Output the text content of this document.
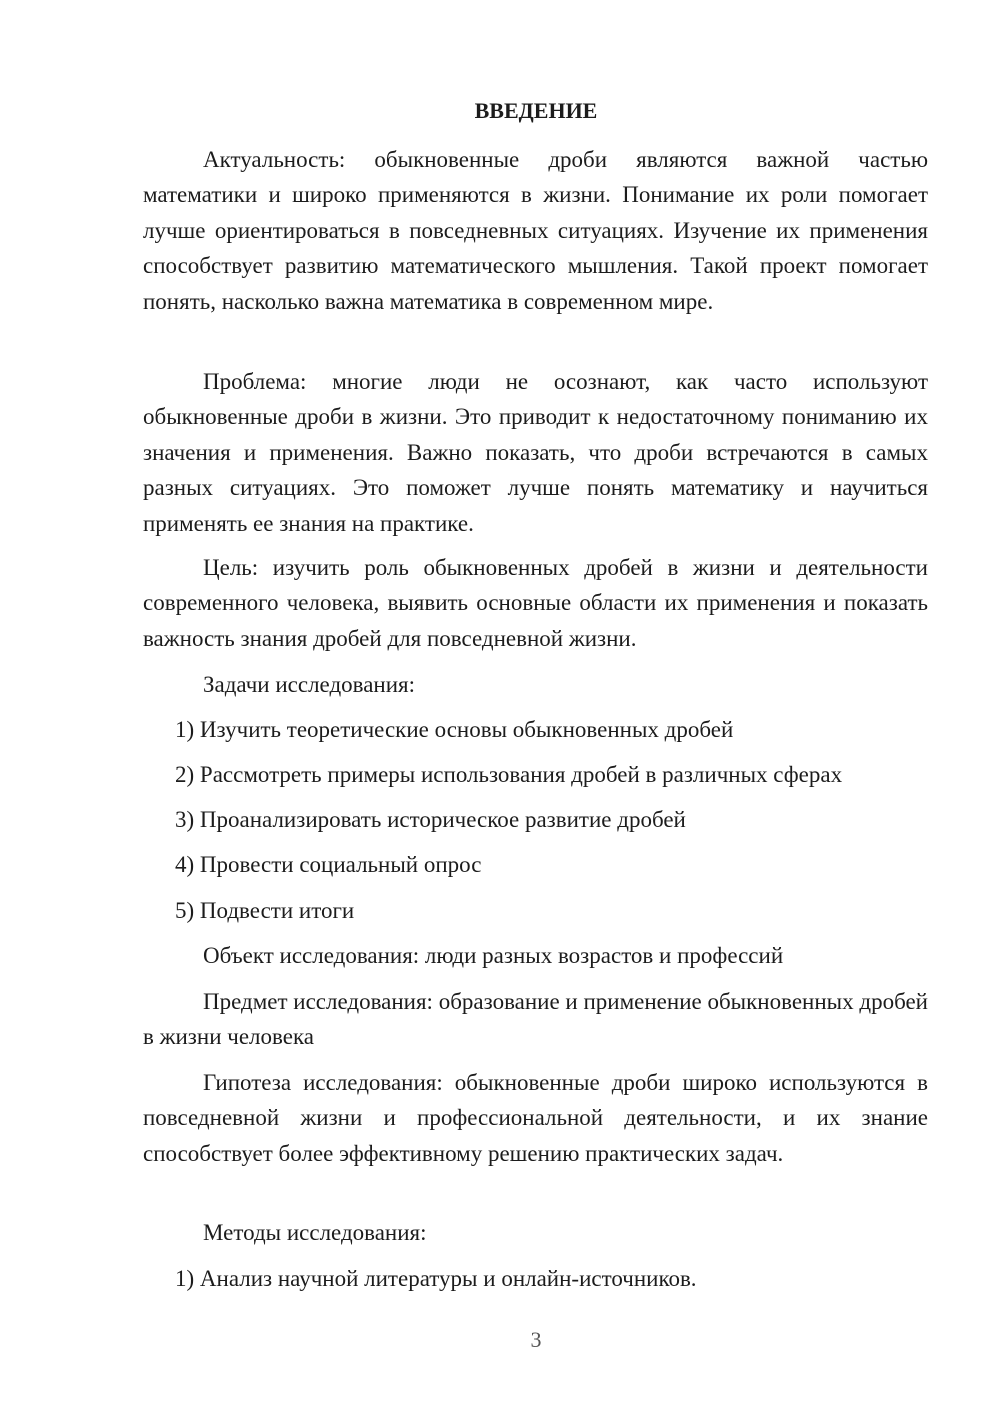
ВВЕДЕНИЕ

Актуальность: обыкновенные дроби являются важной частью математики и широко применяются в жизни. Понимание их роли помогает лучше ориентироваться в повседневных ситуациях. Изучение их применения способствует развитию математического мышления. Такой проект помогает понять, насколько важна математика в современном мире.

Проблема: многие люди не осознают, как часто используют обыкновенные дроби в жизни. Это приводит к недостаточному пониманию их значения и применения. Важно показать, что дроби встречаются в самых разных ситуациях. Это поможет лучше понять математику и научиться применять ее знания на практике.

Цель: изучить роль обыкновенных дробей в жизни и деятельности современного человека, выявить основные области их применения и показать важность знания дробей для повседневной жизни.

Задачи исследования:
1) Изучить теоретические основы обыкновенных дробей
2) Рассмотреть примеры использования дробей в различных сферах
3) Проанализировать историческое развитие дробей
4) Провести социальный опрос
5) Подвести итоги
Объект исследования: люди разных возрастов и профессий

Предмет исследования: образование и применение обыкновенных дробей в жизни человека

Гипотеза исследования: обыкновенные дроби широко используются в повседневной жизни и профессиональной деятельности, и их знание способствует более эффективному решению практических задач.

Методы исследования:
1) Анализ научной литературы и онлайн-источников.
3
